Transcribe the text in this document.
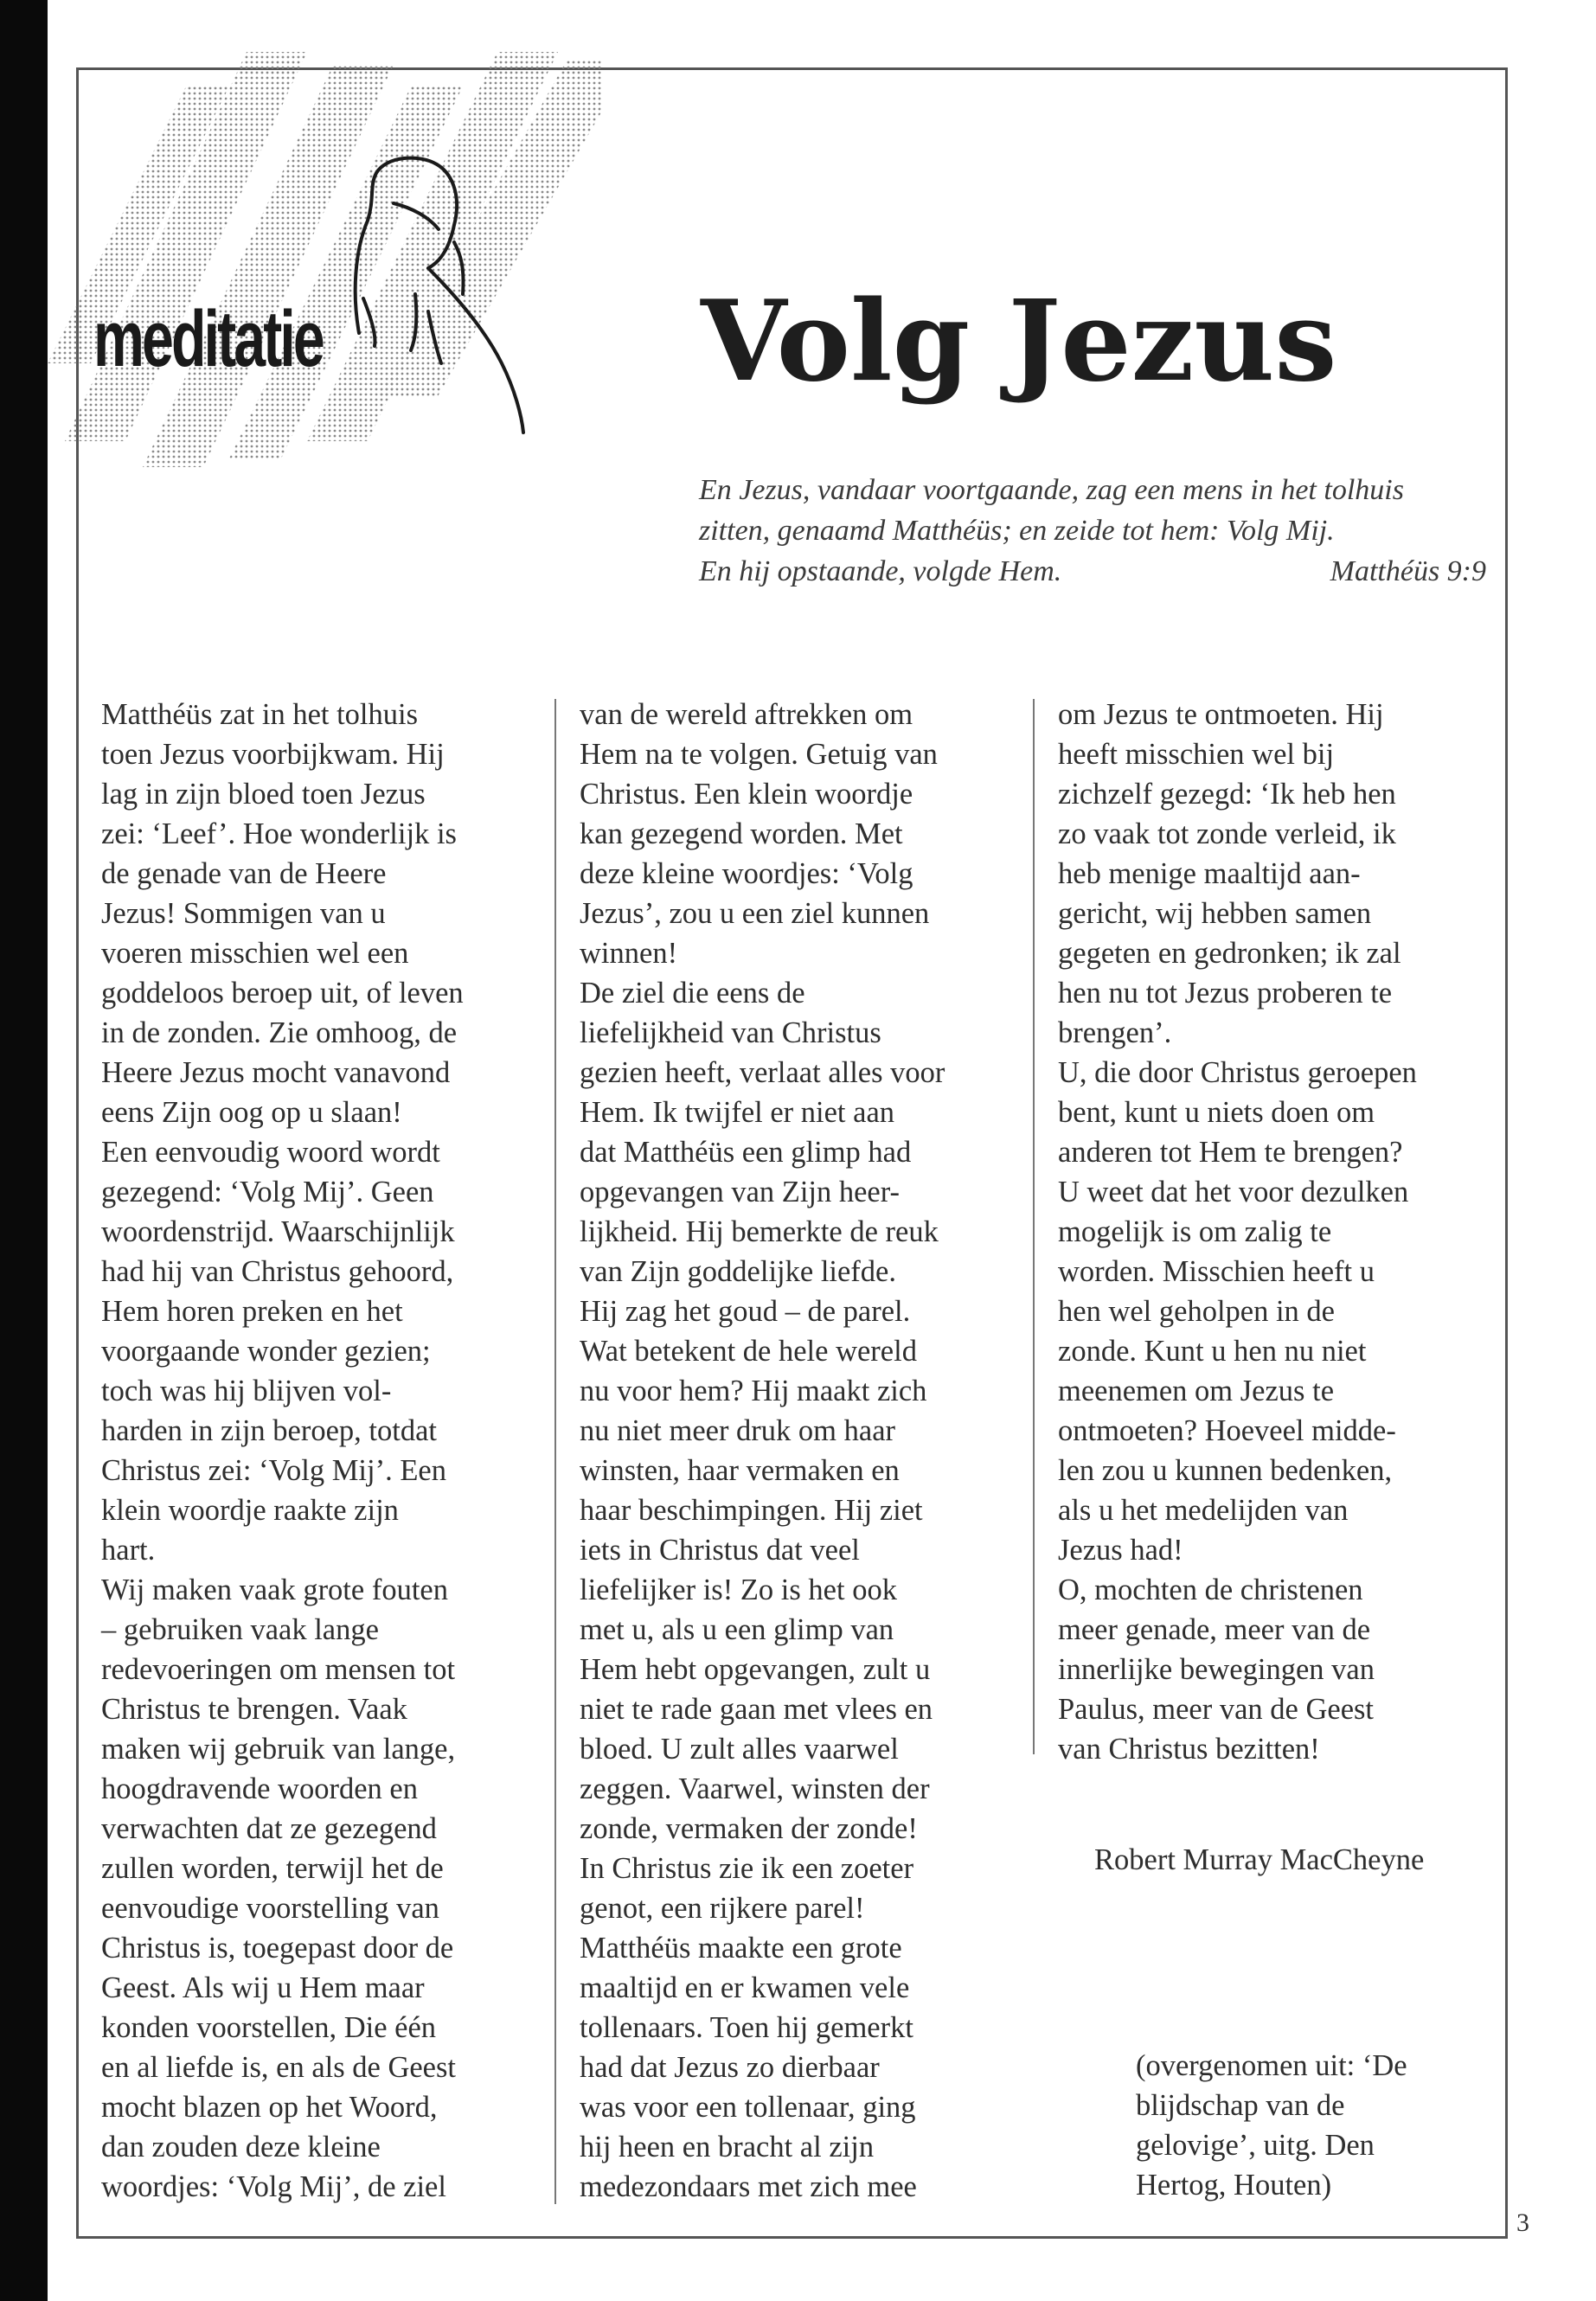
meditatie	Volg Jezus
En Jezus, vandaar voortgaande, zag een mens in het tolhuis
zitten, genaamd Matthéüs; en zeide tot hem: Volg Mij.
En hij opstaande, volgde Hem.	Matthéüs 9:9
Matthéüs zat in het tolhuis
toen Jezus voorbijkwam. Hij
lag in zijn bloed toen Jezus
zei: ‘Leef’. Hoe wonderlijk is
de genade van de Heere
Jezus! Sommigen van u
voeren misschien wel een
goddeloos beroep uit, of leven
in de zonden. Zie omhoog, de
Heere Jezus mocht vanavond
eens Zijn oog op u slaan!
Een eenvoudig woord wordt
gezegend: ‘Volg Mij’. Geen
woordenstrijd. Waarschijnlijk
had hij van Christus gehoord,
Hem horen preken en het
voorgaande wonder gezien;
toch was hij blijven vol-
harden in zijn beroep, totdat
Christus zei: ‘Volg Mij’. Een
klein woordje raakte zijn
hart.
Wij maken vaak grote fouten
– gebruiken vaak lange
redevoeringen om mensen tot
Christus te brengen. Vaak
maken wij gebruik van lange,
hoogdravende woorden en
verwachten dat ze gezegend
zullen worden, terwijl het de
eenvoudige voorstelling van
Christus is, toegepast door de
Geest. Als wij u Hem maar
konden voorstellen, Die één
en al liefde is, en als de Geest
mocht blazen op het Woord,
dan zouden deze kleine
woordjes: ‘Volg Mij’, de ziel
van de wereld aftrekken om
Hem na te volgen. Getuig van
Christus. Een klein woordje
kan gezegend worden. Met
deze kleine woordjes: ‘Volg
Jezus’, zou u een ziel kunnen
winnen!
De ziel die eens de
liefelijkheid van Christus
gezien heeft, verlaat alles voor
Hem. Ik twijfel er niet aan
dat Matthéüs een glimp had
opgevangen van Zijn heer-
lijkheid. Hij bemerkte de reuk
van Zijn goddelijke liefde.
Hij zag het goud – de parel.
Wat betekent de hele wereld
nu voor hem? Hij maakt zich
nu niet meer druk om haar
winsten, haar vermaken en
haar beschimpingen. Hij ziet
iets in Christus dat veel
liefelijker is! Zo is het ook
met u, als u een glimp van
Hem hebt opgevangen, zult u
niet te rade gaan met vlees en
bloed. U zult alles vaarwel
zeggen. Vaarwel, winsten der
zonde, vermaken der zonde!
In Christus zie ik een zoeter
genot, een rijkere parel!
Matthéüs maakte een grote
maaltijd en er kwamen vele
tollenaars. Toen hij gemerkt
had dat Jezus zo dierbaar
was voor een tollenaar, ging
hij heen en bracht al zijn
medezondaars met zich mee
om Jezus te ontmoeten. Hij
heeft misschien wel bij
zichzelf gezegd: ‘Ik heb hen
zo vaak tot zonde verleid, ik
heb menige maaltijd aan-
gericht, wij hebben samen
gegeten en gedronken; ik zal
hen nu tot Jezus proberen te
brengen’.
U, die door Christus geroepen
bent, kunt u niets doen om
anderen tot Hem te brengen?
U weet dat het voor dezulken
mogelijk is om zalig te
worden. Misschien heeft u
hen wel geholpen in de
zonde. Kunt u hen nu niet
meenemen om Jezus te
ontmoeten? Hoeveel midde-
len zou u kunnen bedenken,
als u het medelijden van
Jezus had!
O, mochten de christenen
meer genade, meer van de
innerlijke bewegingen van
Paulus, meer van de Geest
van Christus bezitten!
Robert Murray MacCheyne
(overgenomen uit: ‘De
blijdschap van de
gelovige’, uitg. Den
Hertog, Houten)
3
